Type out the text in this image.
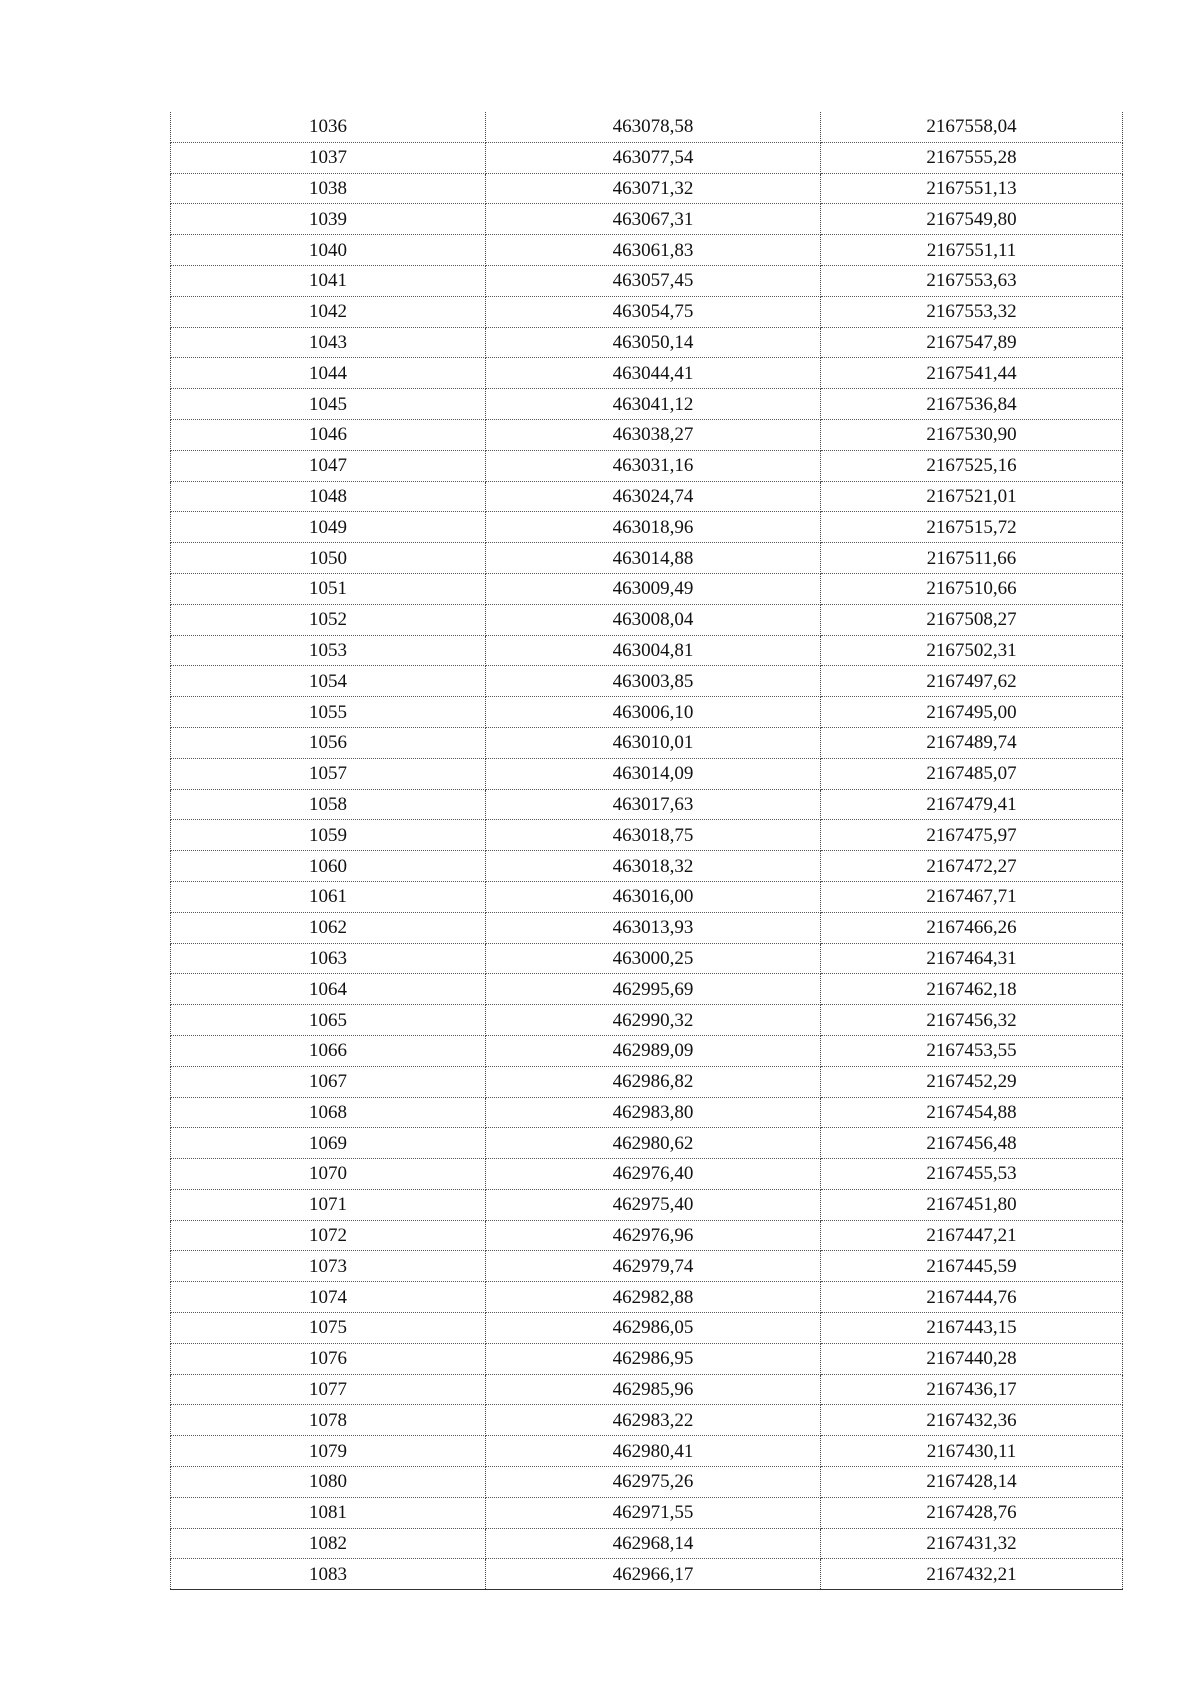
1036	463078,58	2167558,04
1037	463077,54	2167555,28
1038	463071,32	2167551,13
1039	463067,31	2167549,80
1040	463061,83	2167551,11
1041	463057,45	2167553,63
1042	463054,75	2167553,32
1043	463050,14	2167547,89
1044	463044,41	2167541,44
1045	463041,12	2167536,84
1046	463038,27	2167530,90
1047	463031,16	2167525,16
1048	463024,74	2167521,01
1049	463018,96	2167515,72
1050	463014,88	2167511,66
1051	463009,49	2167510,66
1052	463008,04	2167508,27
1053	463004,81	2167502,31
1054	463003,85	2167497,62
1055	463006,10	2167495,00
1056	463010,01	2167489,74
1057	463014,09	2167485,07
1058	463017,63	2167479,41
1059	463018,75	2167475,97
1060	463018,32	2167472,27
1061	463016,00	2167467,71
1062	463013,93	2167466,26
1063	463000,25	2167464,31
1064	462995,69	2167462,18
1065	462990,32	2167456,32
1066	462989,09	2167453,55
1067	462986,82	2167452,29
1068	462983,80	2167454,88
1069	462980,62	2167456,48
1070	462976,40	2167455,53
1071	462975,40	2167451,80
1072	462976,96	2167447,21
1073	462979,74	2167445,59
1074	462982,88	2167444,76
1075	462986,05	2167443,15
1076	462986,95	2167440,28
1077	462985,96	2167436,17
1078	462983,22	2167432,36
1079	462980,41	2167430,11
1080	462975,26	2167428,14
1081	462971,55	2167428,76
1082	462968,14	2167431,32
1083	462966,17	2167432,21
